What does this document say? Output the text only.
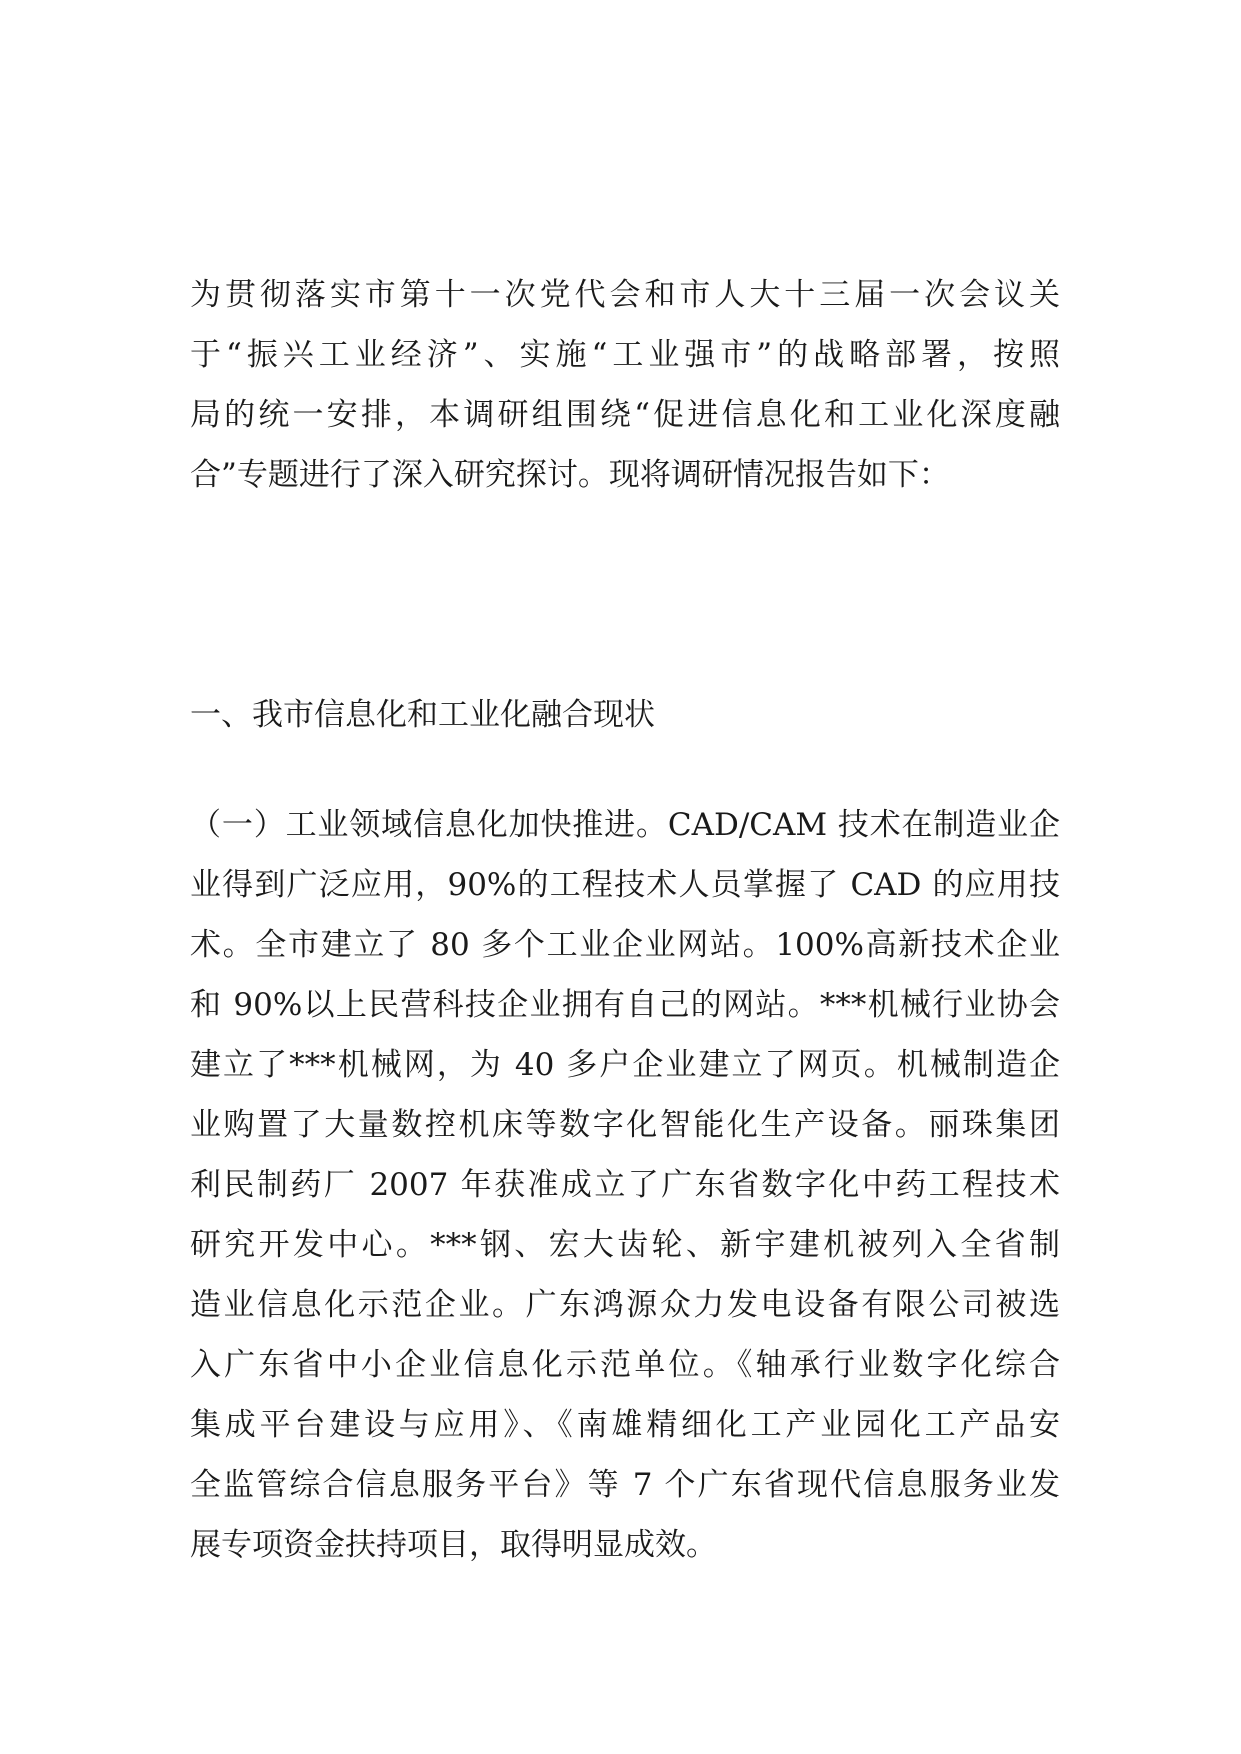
为贯彻落实市第十一次党代会和市人大十三届一次会议关
于“振兴工业经济”、实施“工业强市”的战略部署，按照
局的统一安排，本调研组围绕“促进信息化和工业化深度融
合”专题进行了深入研究探讨。现将调研情况报告如下：
一、我市信息化和工业化融合现状
（一）工业领域信息化加快推进。CAD/CAM 技术在制造业企
业得到广泛应用，90%的工程技术人员掌握了 CAD 的应用技
术。全市建立了 80 多个工业企业网站。100%高新技术企业
和 90%以上民营科技企业拥有自己的网站。***机械行业协会
建立了***机械网，为 40 多户企业建立了网页。机械制造企
业购置了大量数控机床等数字化智能化生产设备。丽珠集团
利民制药厂 2007 年获准成立了广东省数字化中药工程技术
研究开发中心。***钢、宏大齿轮、新宇建机被列入全省制
造业信息化示范企业。广东鸿源众力发电设备有限公司被选
入广东省中小企业信息化示范单位。《轴承行业数字化综合
集成平台建设与应用》、《南雄精细化工产业园化工产品安
全监管综合信息服务平台》等 7 个广东省现代信息服务业发
展专项资金扶持项目，取得明显成效。
